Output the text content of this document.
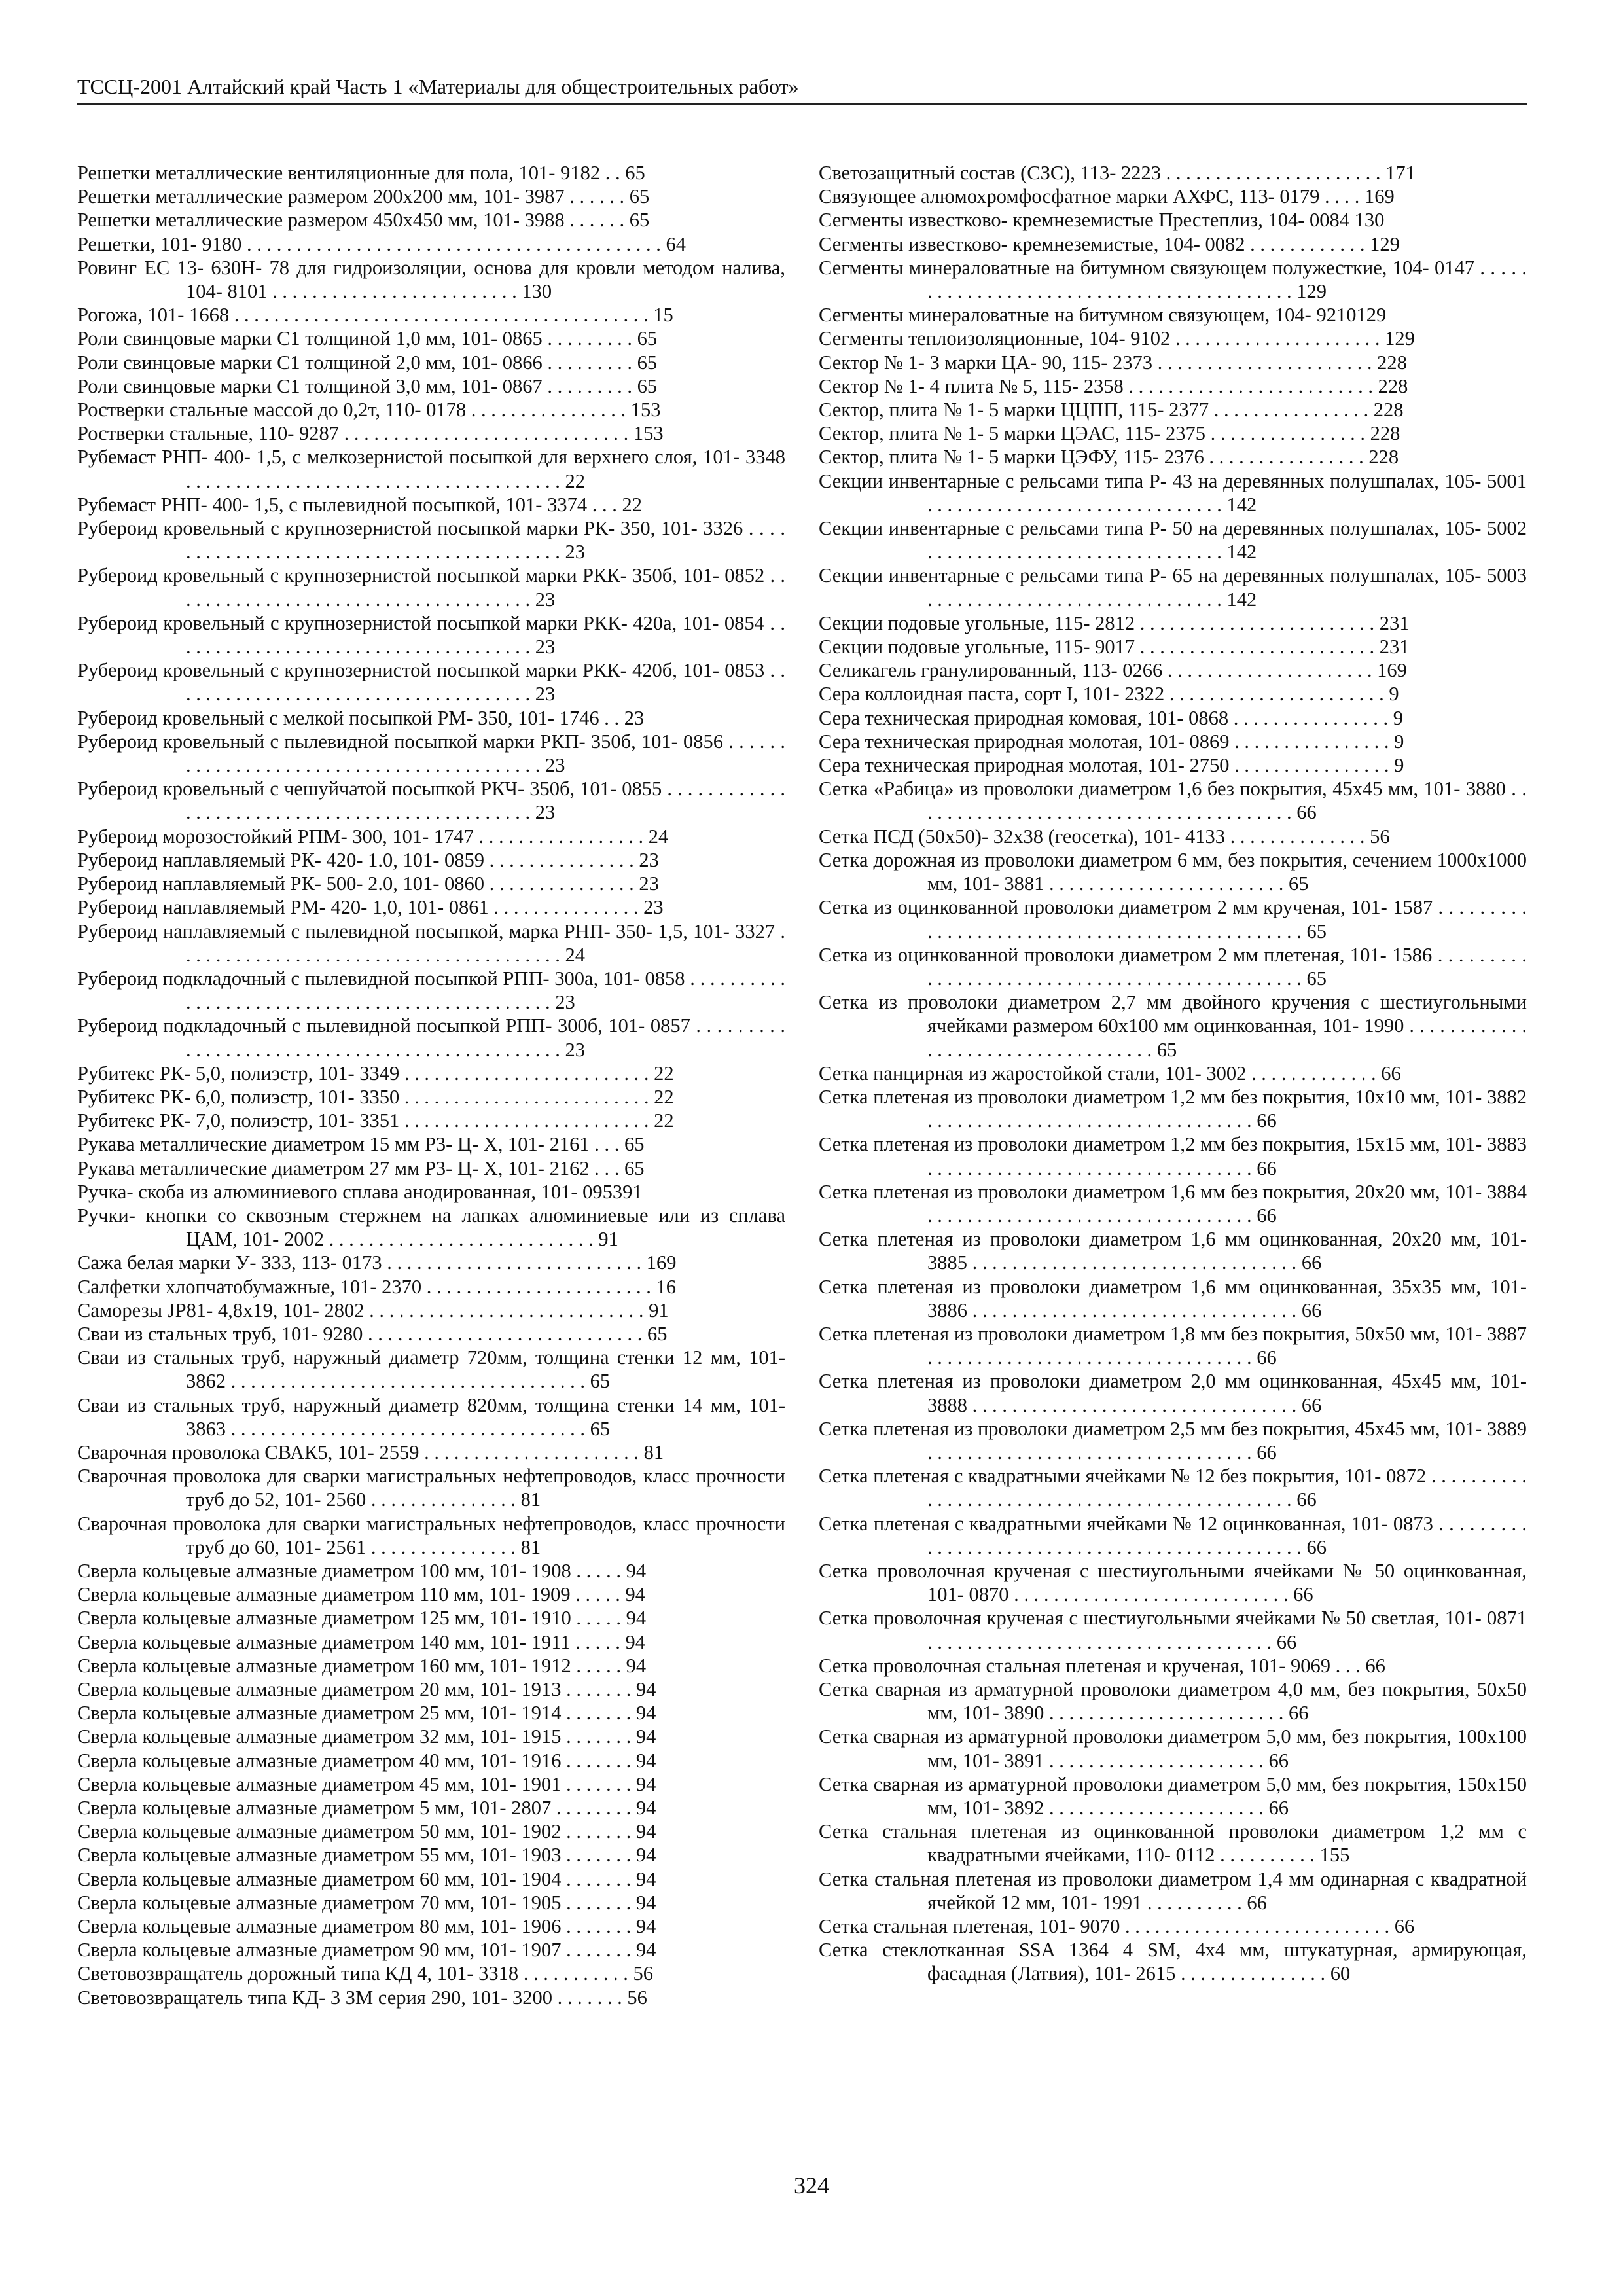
ТССЦ-2001 Алтайский край Часть 1 «Материалы для общестроительных работ»
Решетки металлические вентиляционные для пола, 101- 9182 . . 65
Решетки металлические размером 200х200 мм, 101- 3987 . . . . . . 65
Решетки металлические размером 450х450 мм, 101- 3988 . . . . . . 65
Решетки, 101- 9180 . . . . . . . . . . . . . . . . . . . . . . . . . . . . . . . . . . . . . . . . . . 64
Ровинг ЕС 13- 630Н- 78 для гидроизоляции, основа для кровли методом налива, 104- 8101 . . . . . . . . . . . . . . . . . . . . . . . . . 130
Рогожа, 101- 1668 . . . . . . . . . . . . . . . . . . . . . . . . . . . . . . . . . . . . . . . . . . 15
Роли свинцовые марки С1 толщиной 1,0 мм, 101- 0865 . . . . . . . . . 65
Роли свинцовые марки С1 толщиной 2,0 мм, 101- 0866 . . . . . . . . . 65
Роли свинцовые марки С1 толщиной 3,0 мм, 101- 0867 . . . . . . . . . 65
Ростверки стальные массой до 0,2т, 110- 0178 . . . . . . . . . . . . . . . . 153
Ростверки стальные, 110- 9287 . . . . . . . . . . . . . . . . . . . . . . . . . . . . . 153
Рубемаст РНП- 400- 1,5, с мелкозернистой посыпкой для верхнего слоя, 101- 3348 . . . . . . . . . . . . . . . . . . . . . . . . . . . . . . . . . . . . . . 22
Рубемаст РНП- 400- 1,5, с пылевидной посыпкой, 101- 3374 . . . 22
Рубероид кровельный с крупнозернистой посыпкой марки РК- 350, 101- 3326 . . . . . . . . . . . . . . . . . . . . . . . . . . . . . . . . . . . . . . . . . . 23
Рубероид кровельный с крупнозернистой посыпкой марки РКК- 350б, 101- 0852 . . . . . . . . . . . . . . . . . . . . . . . . . . . . . . . . . . . . . 23
Рубероид кровельный с крупнозернистой посыпкой марки РКК- 420а, 101- 0854 . . . . . . . . . . . . . . . . . . . . . . . . . . . . . . . . . . . . . 23
Рубероид кровельный с крупнозернистой посыпкой марки РКК- 420б, 101- 0853 . . . . . . . . . . . . . . . . . . . . . . . . . . . . . . . . . . . . . 23
Рубероид кровельный с мелкой посыпкой РМ- 350, 101- 1746 . . 23
Рубероид кровельный с пылевидной посыпкой марки РКП- 350б, 101- 0856 . . . . . . . . . . . . . . . . . . . . . . . . . . . . . . . . . . . . . . . . . . 23
Рубероид кровельный с чешуйчатой посыпкой РКЧ- 350б, 101- 0855 . . . . . . . . . . . . . . . . . . . . . . . . . . . . . . . . . . . . . . . . . . . . . . . 23
Рубероид морозостойкий РПМ- 300, 101- 1747 . . . . . . . . . . . . . . . . . 24
Рубероид наплавляемый РК- 420- 1.0, 101- 0859 . . . . . . . . . . . . . . . 23
Рубероид наплавляемый РК- 500- 2.0, 101- 0860 . . . . . . . . . . . . . . . 23
Рубероид наплавляемый РМ- 420- 1,0, 101- 0861 . . . . . . . . . . . . . . . 23
Рубероид наплавляемый с пылевидной посыпкой, марка РНП- 350- 1,5, 101- 3327 . . . . . . . . . . . . . . . . . . . . . . . . . . . . . . . . . . . . . . . 24
Рубероид подкладочный с пылевидной посыпкой РПП- 300а, 101- 0858 . . . . . . . . . . . . . . . . . . . . . . . . . . . . . . . . . . . . . . . . . . . . . . . 23
Рубероид подкладочный с пылевидной посыпкой РПП- 300б, 101- 0857 . . . . . . . . . . . . . . . . . . . . . . . . . . . . . . . . . . . . . . . . . . . . . . . 23
Рубитекс РК- 5,0, полиэстр, 101- 3349 . . . . . . . . . . . . . . . . . . . . . . . . . 22
Рубитекс РК- 6,0, полиэстр, 101- 3350 . . . . . . . . . . . . . . . . . . . . . . . . . 22
Рубитекс РК- 7,0, полиэстр, 101- 3351 . . . . . . . . . . . . . . . . . . . . . . . . . 22
Рукава металлические диаметром 15 мм Р3- Ц- Х, 101- 2161 . . . 65
Рукава металлические диаметром 27 мм Р3- Ц- Х, 101- 2162 . . . 65
Ручка- скоба из алюминиевого сплава анодированная, 101- 095391
Ручки- кнопки со сквозным стержнем на лапках алюминиевые или из сплава ЦАМ, 101- 2002 . . . . . . . . . . . . . . . . . . . . . . . . . . . 91
Сажа белая марки У- 333, 113- 0173 . . . . . . . . . . . . . . . . . . . . . . . . . . 169
Салфетки хлопчатобумажные, 101- 2370 . . . . . . . . . . . . . . . . . . . . . . . 16
Саморезы JP81- 4,8х19, 101- 2802 . . . . . . . . . . . . . . . . . . . . . . . . . . . . 91
Сваи из стальных труб, 101- 9280 . . . . . . . . . . . . . . . . . . . . . . . . . . . . 65
Сваи из стальных труб, наружный диаметр 720мм, толщина стенки 12 мм, 101- 3862 . . . . . . . . . . . . . . . . . . . . . . . . . . . . . . . . . . . . 65
Сваи из стальных труб, наружный диаметр 820мм, толщина стенки 14 мм, 101- 3863 . . . . . . . . . . . . . . . . . . . . . . . . . . . . . . . . . . . . 65
Сварочная проволока СВАК5, 101- 2559 . . . . . . . . . . . . . . . . . . . . . . 81
Сварочная проволока для сварки магистральных нефтепроводов, класс прочности труб до 52, 101- 2560 . . . . . . . . . . . . . . . 81
Сварочная проволока для сварки магистральных нефтепроводов, класс прочности труб до 60, 101- 2561 . . . . . . . . . . . . . . . 81
Сверла кольцевые алмазные диаметром 100 мм, 101- 1908 . . . . . 94
Сверла кольцевые алмазные диаметром 110 мм, 101- 1909 . . . . . 94
Сверла кольцевые алмазные диаметром 125 мм, 101- 1910 . . . . . 94
Сверла кольцевые алмазные диаметром 140 мм, 101- 1911 . . . . . 94
Сверла кольцевые алмазные диаметром 160 мм, 101- 1912 . . . . . 94
Сверла кольцевые алмазные диаметром 20 мм, 101- 1913 . . . . . . . 94
Сверла кольцевые алмазные диаметром 25 мм, 101- 1914 . . . . . . . 94
Сверла кольцевые алмазные диаметром 32 мм, 101- 1915 . . . . . . . 94
Сверла кольцевые алмазные диаметром 40 мм, 101- 1916 . . . . . . . 94
Сверла кольцевые алмазные диаметром 45 мм, 101- 1901 . . . . . . . 94
Сверла кольцевые алмазные диаметром 5 мм, 101- 2807 . . . . . . . . 94
Сверла кольцевые алмазные диаметром 50 мм, 101- 1902 . . . . . . . 94
Сверла кольцевые алмазные диаметром 55 мм, 101- 1903 . . . . . . . 94
Сверла кольцевые алмазные диаметром 60 мм, 101- 1904 . . . . . . . 94
Сверла кольцевые алмазные диаметром 70 мм, 101- 1905 . . . . . . . 94
Сверла кольцевые алмазные диаметром 80 мм, 101- 1906 . . . . . . . 94
Сверла кольцевые алмазные диаметром 90 мм, 101- 1907 . . . . . . . 94
Световозвращатель дорожный типа КД 4, 101- 3318 . . . . . . . . . . . 56
Световозвращатель типа КД- 3 ЗМ серия 290, 101- 3200 . . . . . . . 56
Светозащитный состав (СЗС), 113- 2223 . . . . . . . . . . . . . . . . . . . . . . 171
Связующее алюмохромфосфатное марки АХФС, 113- 0179 . . . . 169
Сегменты известково- кремнеземистые Престеплиз, 104- 0084 130
Сегменты известково- кремнеземистые, 104- 0082 . . . . . . . . . . . . 129
Сегменты минераловатные на битумном связующем полужесткие, 104- 0147 . . . . . . . . . . . . . . . . . . . . . . . . . . . . . . . . . . . . . . . . . . 129
Сегменты минераловатные на битумном связующем, 104- 9210129
Сегменты теплоизоляционные, 104- 9102 . . . . . . . . . . . . . . . . . . . . . 129
Сектор № 1- 3 марки ЦА- 90, 115- 2373 . . . . . . . . . . . . . . . . . . . . . . 228
Сектор № 1- 4 плита № 5, 115- 2358 . . . . . . . . . . . . . . . . . . . . . . . . . 228
Сектор, плита № 1- 5 марки ЦЦПП, 115- 2377 . . . . . . . . . . . . . . . . 228
Сектор, плита № 1- 5 марки ЦЭАС, 115- 2375 . . . . . . . . . . . . . . . . 228
Сектор, плита № 1- 5 марки ЦЭФУ, 115- 2376 . . . . . . . . . . . . . . . . 228
Секции инвентарные с рельсами типа Р- 43 на деревянных полушпалах, 105- 5001 . . . . . . . . . . . . . . . . . . . . . . . . . . . . . . 142
Секции инвентарные с рельсами типа Р- 50 на деревянных полушпалах, 105- 5002 . . . . . . . . . . . . . . . . . . . . . . . . . . . . . . 142
Секции инвентарные с рельсами типа Р- 65 на деревянных полушпалах, 105- 5003 . . . . . . . . . . . . . . . . . . . . . . . . . . . . . . 142
Секции подовые угольные, 115- 2812 . . . . . . . . . . . . . . . . . . . . . . . . 231
Секции подовые угольные, 115- 9017 . . . . . . . . . . . . . . . . . . . . . . . . 231
Селикагель гранулированный, 113- 0266 . . . . . . . . . . . . . . . . . . . . . 169
Сера коллоидная паста, сорт I, 101- 2322 . . . . . . . . . . . . . . . . . . . . . . 9
Сера техническая природная комовая, 101- 0868 . . . . . . . . . . . . . . . . 9
Сера техническая природная молотая, 101- 0869 . . . . . . . . . . . . . . . . 9
Сера техническая природная молотая, 101- 2750 . . . . . . . . . . . . . . . . 9
Сетка «Рабица» из проволоки диаметром 1,6 без покрытия, 45х45 мм, 101- 3880 . . . . . . . . . . . . . . . . . . . . . . . . . . . . . . . . . . . . . . . 66
Сетка ПСД (50х50)- 32х38 (геосетка), 101- 4133 . . . . . . . . . . . . . . 56
Сетка дорожная из проволоки диаметром 6 мм, без покрытия, сечением 1000х1000 мм, 101- 3881 . . . . . . . . . . . . . . . . . . . . . . . . 65
Сетка из оцинкованной проволоки диаметром 2 мм крученая, 101- 1587 . . . . . . . . . . . . . . . . . . . . . . . . . . . . . . . . . . . . . . . . . . . . . . . 65
Сетка из оцинкованной проволоки диаметром 2 мм плетеная, 101- 1586 . . . . . . . . . . . . . . . . . . . . . . . . . . . . . . . . . . . . . . . . . . . . . . . 65
Сетка из проволоки диаметром 2,7 мм двойного кручения с шестиугольными ячейками размером 60х100 мм оцинкованная, 101- 1990 . . . . . . . . . . . . . . . . . . . . . . . . . . . . . . . . . . . 65
Сетка панцирная из жаростойкой стали, 101- 3002 . . . . . . . . . . . . . 66
Сетка плетеная из проволоки диаметром 1,2 мм без покрытия, 10х10 мм, 101- 3882 . . . . . . . . . . . . . . . . . . . . . . . . . . . . . . . . . 66
Сетка плетеная из проволоки диаметром 1,2 мм без покрытия, 15х15 мм, 101- 3883 . . . . . . . . . . . . . . . . . . . . . . . . . . . . . . . . . 66
Сетка плетеная из проволоки диаметром 1,6 мм без покрытия, 20х20 мм, 101- 3884 . . . . . . . . . . . . . . . . . . . . . . . . . . . . . . . . . 66
Сетка плетеная из проволоки диаметром 1,6 мм оцинкованная, 20х20 мм, 101- 3885 . . . . . . . . . . . . . . . . . . . . . . . . . . . . . . . . . 66
Сетка плетеная из проволоки диаметром 1,6 мм оцинкованная, 35х35 мм, 101- 3886 . . . . . . . . . . . . . . . . . . . . . . . . . . . . . . . . . 66
Сетка плетеная из проволоки диаметром 1,8 мм без покрытия, 50х50 мм, 101- 3887 . . . . . . . . . . . . . . . . . . . . . . . . . . . . . . . . . 66
Сетка плетеная из проволоки диаметром 2,0 мм оцинкованная, 45х45 мм, 101- 3888 . . . . . . . . . . . . . . . . . . . . . . . . . . . . . . . . . 66
Сетка плетеная из проволоки диаметром 2,5 мм без покрытия, 45х45 мм, 101- 3889 . . . . . . . . . . . . . . . . . . . . . . . . . . . . . . . . . 66
Сетка плетеная с квадратными ячейками № 12 без покрытия, 101- 0872 . . . . . . . . . . . . . . . . . . . . . . . . . . . . . . . . . . . . . . . . . . . . . . . 66
Сетка плетеная с квадратными ячейками № 12 оцинкованная, 101- 0873 . . . . . . . . . . . . . . . . . . . . . . . . . . . . . . . . . . . . . . . . . . . . . . . 66
Сетка проволочная крученая с шестиугольными ячейками № 50 оцинкованная, 101- 0870 . . . . . . . . . . . . . . . . . . . . . . . . . . . . 66
Сетка проволочная крученая с шестиугольными ячейками № 50 светлая, 101- 0871 . . . . . . . . . . . . . . . . . . . . . . . . . . . . . . . . . . . 66
Сетка проволочная стальная плетеная и крученая, 101- 9069 . . . 66
Сетка сварная из арматурной проволоки диаметром 4,0 мм, без покрытия, 50х50 мм, 101- 3890 . . . . . . . . . . . . . . . . . . . . . . . . 66
Сетка сварная из арматурной проволоки диаметром 5,0 мм, без покрытия, 100х100 мм, 101- 3891 . . . . . . . . . . . . . . . . . . . . . . 66
Сетка сварная из арматурной проволоки диаметром 5,0 мм, без покрытия, 150х150 мм, 101- 3892 . . . . . . . . . . . . . . . . . . . . . . 66
Сетка стальная плетеная из оцинкованной проволоки диаметром 1,2 мм с квадратными ячейками, 110- 0112 . . . . . . . . . . 155
Сетка стальная плетеная из проволоки диаметром 1,4 мм одинарная с квадратной ячейкой 12 мм, 101- 1991 . . . . . . . . . . 66
Сетка стальная плетеная, 101- 9070 . . . . . . . . . . . . . . . . . . . . . . . . . . . 66
Сетка стеклотканная SSA 1364 4 SM, 4х4 мм, штукатурная, армирующая, фасадная (Латвия), 101- 2615 . . . . . . . . . . . . . . . 60
324
